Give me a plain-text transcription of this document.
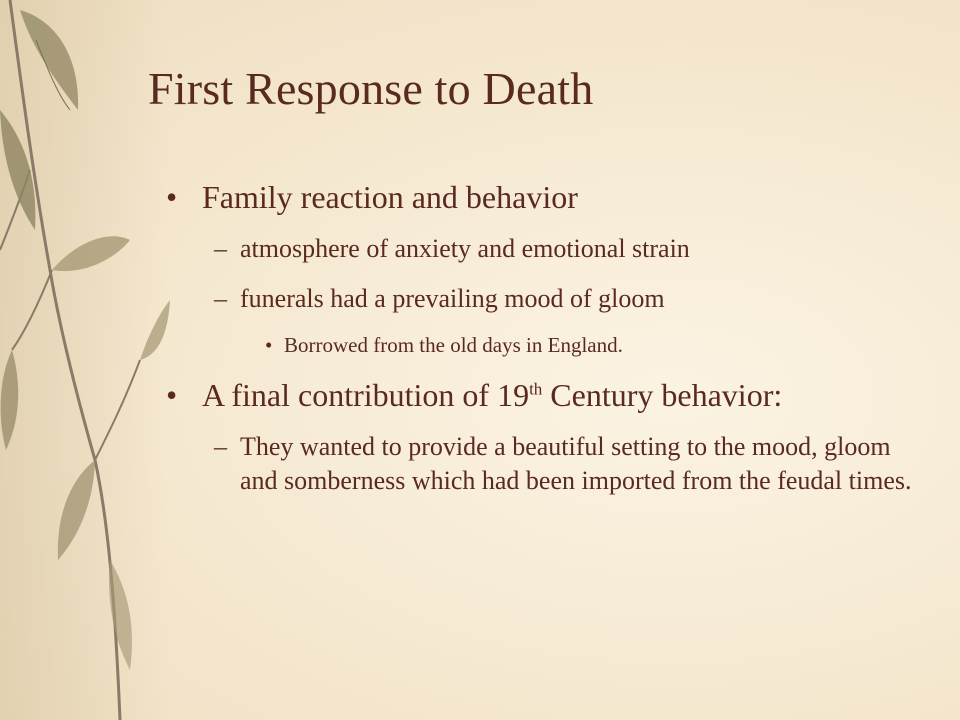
First Response to Death
• Family reaction and behavior
– atmosphere of anxiety and emotional strain
– funerals had a prevailing mood of gloom
• Borrowed from the old days in England.
• A final contribution of 19th Century behavior:
– They wanted to provide a beautiful setting to the mood, gloom and somberness which had been imported from the feudal times.
